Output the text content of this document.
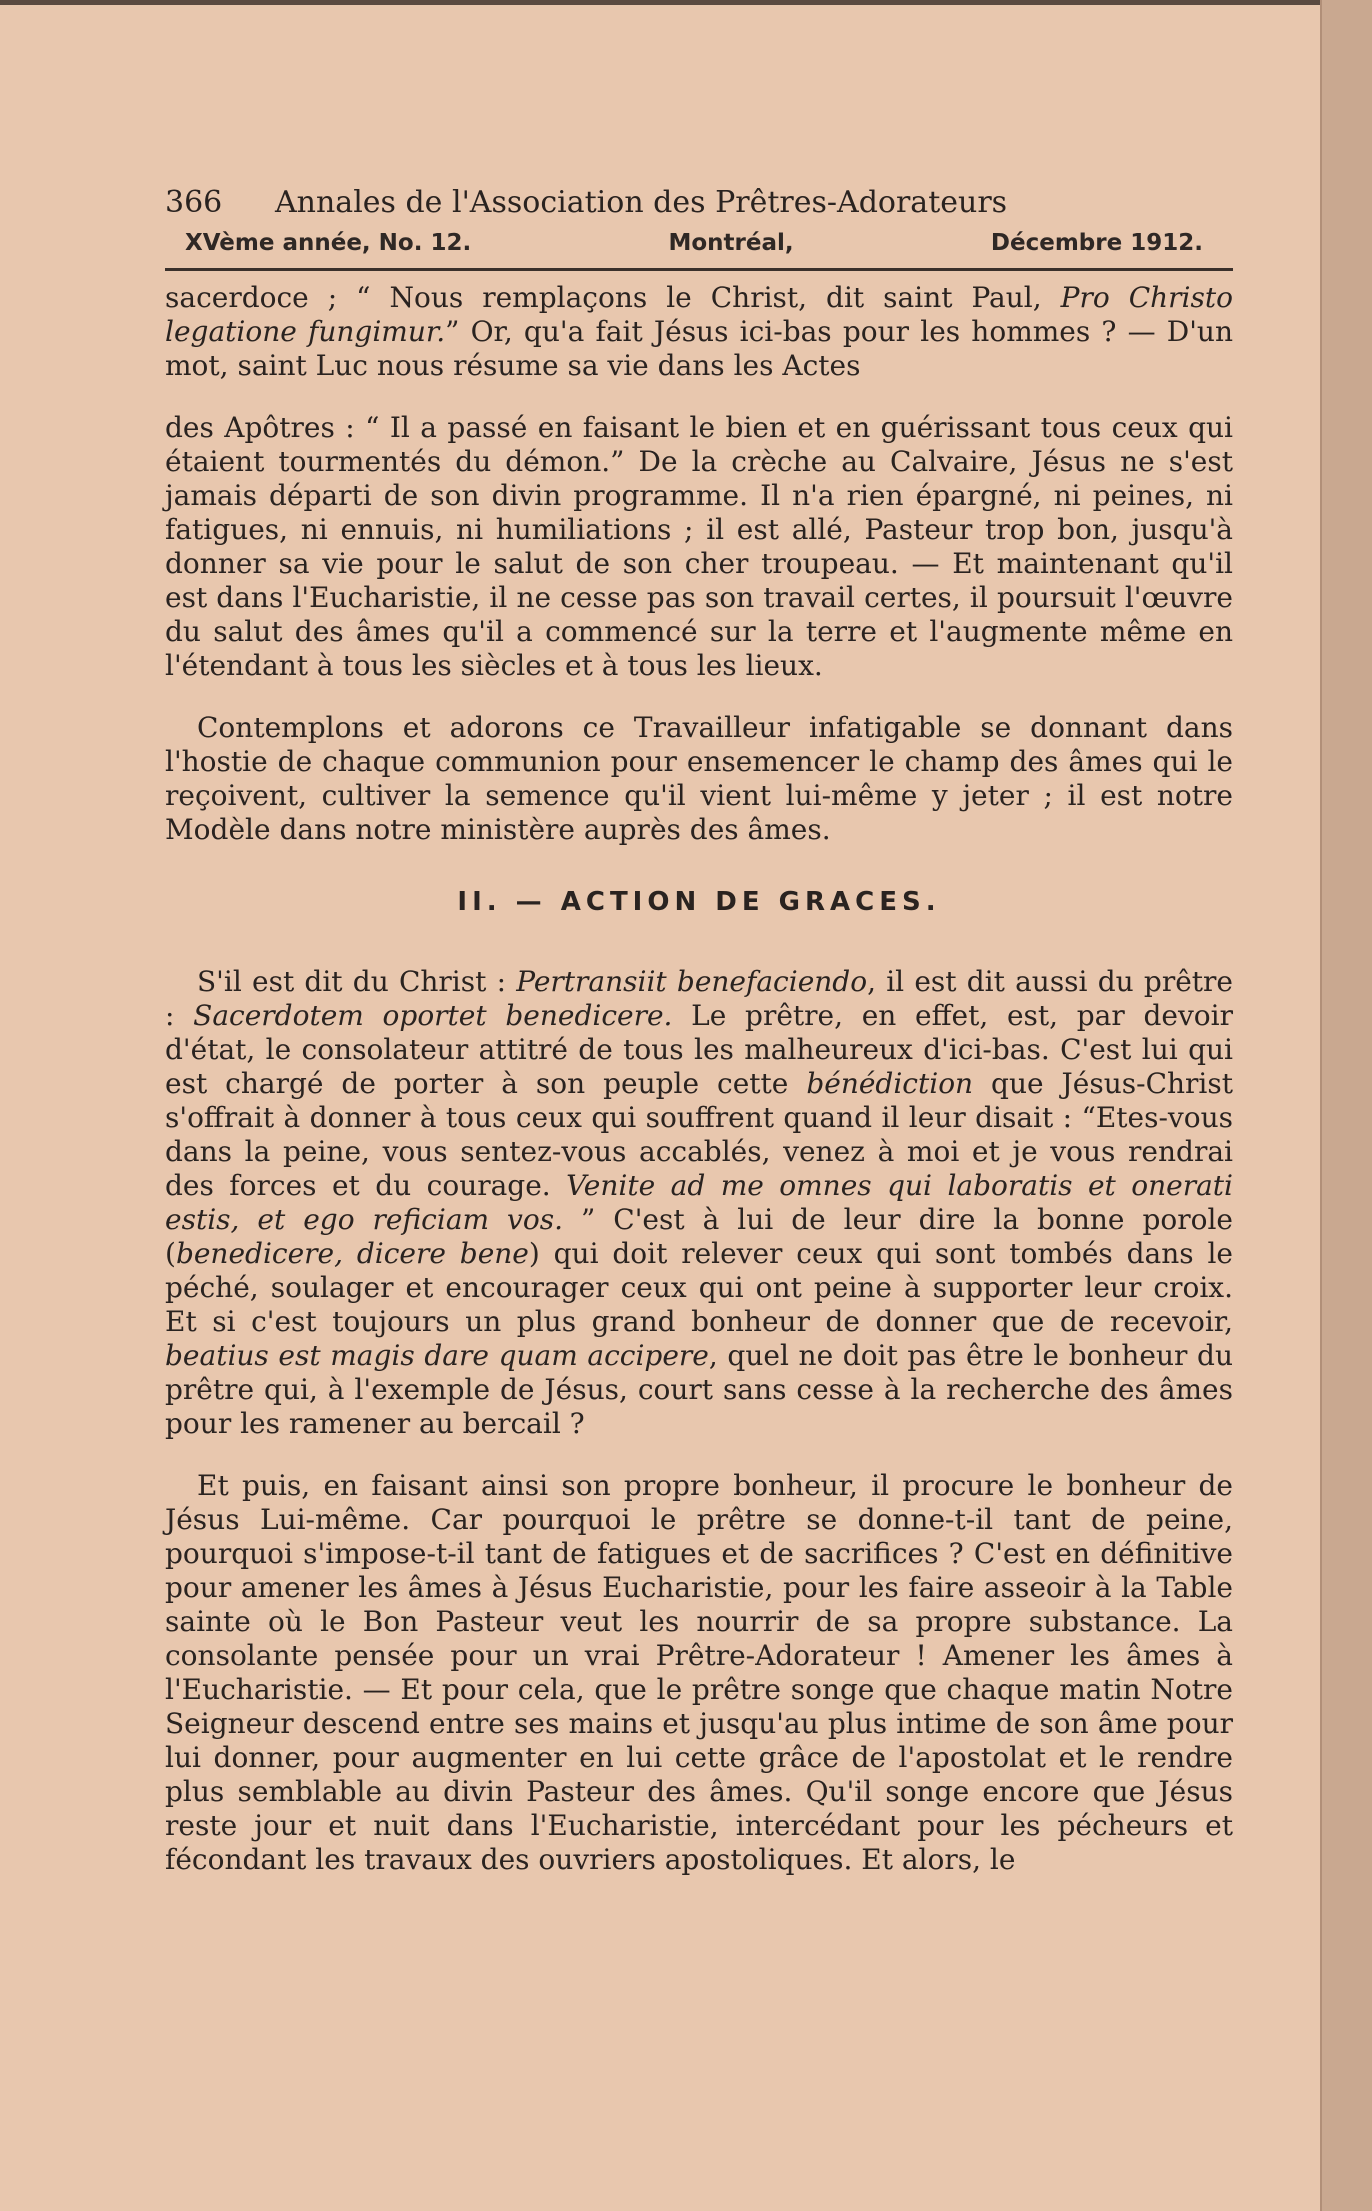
366	Annales de l'Association des Prêtres-Adorateurs
XVème année, No. 12.	Montréal,	Décembre 1912.

sacerdoce ; “ Nous remplaçons le Christ, dit saint Paul, Pro Christo legatione fungimur.” Or, qu'a fait Jésus ici-bas pour les hommes ? — D'un mot, saint Luc nous résume sa vie dans les Actes

des Apôtres : “ Il a passé en faisant le bien et en guérissant tous ceux qui étaient tourmentés du démon.” De la crèche au Calvaire, Jésus ne s'est jamais départi de son divin programme. Il n'a rien épargné, ni peines, ni fatigues, ni ennuis, ni humiliations ; il est allé, Pasteur trop bon, jusqu'à donner sa vie pour le salut de son cher troupeau. — Et maintenant qu'il est dans l'Eucharistie, il ne cesse pas son travail certes, il poursuit l'œuvre du salut des âmes qu'il a commencé sur la terre et l'augmente même en l'étendant à tous les siècles et à tous les lieux.

Contemplons et adorons ce Travailleur infatigable se donnant dans l'hostie de chaque communion pour ensemencer le champ des âmes qui le reçoivent, cultiver la semence qu'il vient lui-même y jeter ; il est notre Modèle dans notre ministère auprès des âmes.

II. — ACTION DE GRACES.

S'il est dit du Christ : Pertransiit benefaciendo, il est dit aussi du prêtre : Sacerdotem oportet benedicere. Le prêtre, en effet, est, par devoir d'état, le consolateur attitré de tous les malheureux d'ici-bas. C'est lui qui est chargé de porter à son peuple cette bénédiction que Jésus-Christ s'offrait à donner à tous ceux qui souffrent quand il leur disait : “Etes-vous dans la peine, vous sentez-vous accablés, venez à moi et je vous rendrai des forces et du courage. Venite ad me omnes qui laboratis et onerati estis, et ego reficiam vos. ” C'est à lui de leur dire la bonne porole (benedicere, dicere bene) qui doit relever ceux qui sont tombés dans le péché, soulager et encourager ceux qui ont peine à supporter leur croix. Et si c'est toujours un plus grand bonheur de donner que de recevoir, beatius est magis dare quam accipere, quel ne doit pas être le bonheur du prêtre qui, à l'exemple de Jésus, court sans cesse à la recherche des âmes pour les ramener au bercail ?

Et puis, en faisant ainsi son propre bonheur, il procure le bonheur de Jésus Lui-même. Car pourquoi le prêtre se donne-t-il tant de peine, pourquoi s'impose-t-il tant de fatigues et de sacrifices ? C'est en définitive pour amener les âmes à Jésus Eucharistie, pour les faire asseoir à la Table sainte où le Bon Pasteur veut les nourrir de sa propre substance. La consolante pensée pour un vrai Prêtre-Adorateur ! Amener les âmes à l'Eucharistie. — Et pour cela, que le prêtre songe que chaque matin Notre Seigneur descend entre ses mains et jusqu'au plus intime de son âme pour lui donner, pour augmenter en lui cette grâce de l'apostolat et le rendre plus semblable au divin Pasteur des âmes. Qu'il songe encore que Jésus reste jour et nuit dans l'Eucharistie, intercédant pour les pécheurs et fécondant les travaux des ouvriers apostoliques. Et alors, le
